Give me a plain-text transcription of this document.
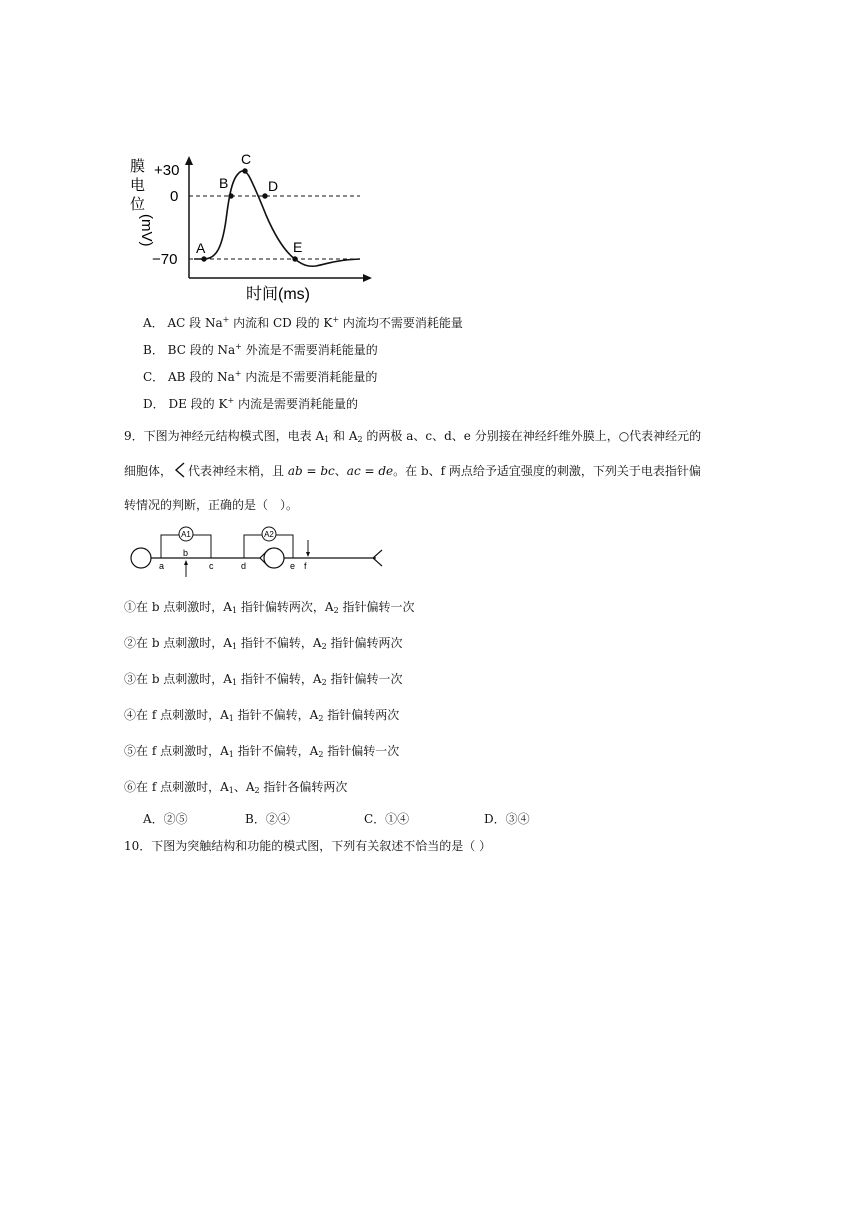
膜
电
位
(mV)
+30
0
−70
A
B
C
D
E
时间(ms)
A． AC 段 Na+ 内流和 CD 段的 K+ 内流均不需要消耗能量
B． BC 段的 Na+ 外流是不需要消耗能量的
C． AB 段的 Na+ 内流是不需要消耗能量的
D． DE 段的 K+ 内流是需要消耗能量的
9．下图为神经元结构模式图，电表 $A_1$ 和 $A_2$ 的两极 a、c、d、e 分别接在神经纤维外膜上，○代表神经元的
细胞体， 代表神经末梢，且 ab = bc、ac = de。在 b、f 两点给予适宜强度的刺激，下列关于电表指针偏
转情况的判断，正确的是（　）。
A1	A2
a
b
c	d	e f
①在 b 点刺激时，$A_1$ 指针偏转两次，$A_2$ 指针偏转一次
②在 b 点刺激时，$A_1$ 指针不偏转，$A_2$ 指针偏转两次
③在 b 点刺激时，$A_1$ 指针不偏转，$A_2$ 指针偏转一次
④在 f 点刺激时，$A_1$ 指针不偏转，$A_2$ 指针偏转两次
⑤在 f 点刺激时，$A_1$ 指针不偏转，$A_2$ 指针偏转一次
⑥在 f 点刺激时，$A_1$、$A_2$ 指针各偏转两次
A．②⑤	B．②④	C．①④	D．③④
10．下图为突触结构和功能的模式图，下列有关叙述不恰当的是（ ）
